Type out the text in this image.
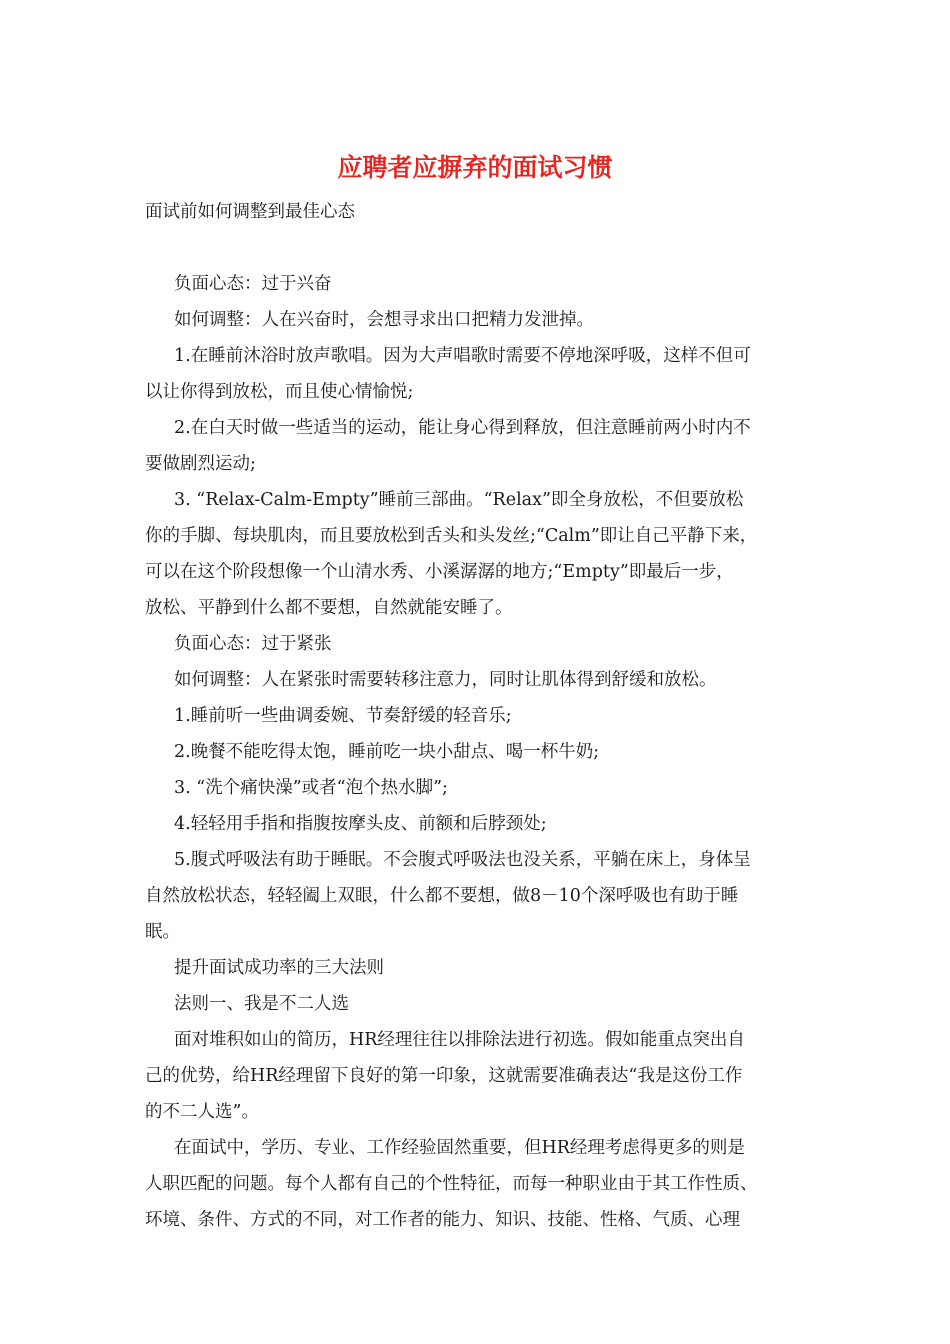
应聘者应摒弃的面试习惯

面试前如何调整到最佳心态

负面心态：过于兴奋

如何调整：人在兴奋时，会想寻求出口把精力发泄掉。

1.在睡前沐浴时放声歌唱。因为大声唱歌时需要不停地深呼吸，这样不但可

以让你得到放松，而且使心情愉悦;

2.在白天时做一些适当的运动，能让身心得到释放，但注意睡前两小时内不

要做剧烈运动;

3. “Relax-Calm-Empty”睡前三部曲。“Relax”即全身放松，不但要放松

你的手脚、每块肌肉，而且要放松到舌头和头发丝;“Calm”即让自己平静下来，

可以在这个阶段想像一个山清水秀、小溪潺潺的地方;“Empty”即最后一步，

放松、平静到什么都不要想，自然就能安睡了。

负面心态：过于紧张

如何调整：人在紧张时需要转移注意力，同时让肌体得到舒缓和放松。

1.睡前听一些曲调委婉、节奏舒缓的轻音乐;

2.晚餐不能吃得太饱，睡前吃一块小甜点、喝一杯牛奶;

3. “洗个痛快澡”或者“泡个热水脚”;

4.轻轻用手指和指腹按摩头皮、前额和后脖颈处;

5.腹式呼吸法有助于睡眠。不会腹式呼吸法也没关系，平躺在床上，身体呈

自然放松状态，轻轻阖上双眼，什么都不要想，做8－10个深呼吸也有助于睡

眠。

提升面试成功率的三大法则

法则一、我是不二人选

面对堆积如山的简历，HR经理往往以排除法进行初选。假如能重点突出自

己的优势，给HR经理留下良好的第一印象，这就需要准确表达“我是这份工作

的不二人选”。

在面试中，学历、专业、工作经验固然重要，但HR经理考虑得更多的则是

人职匹配的问题。每个人都有自己的个性特征，而每一种职业由于其工作性质、

环境、条件、方式的不同，对工作者的能力、知识、技能、性格、气质、心理
